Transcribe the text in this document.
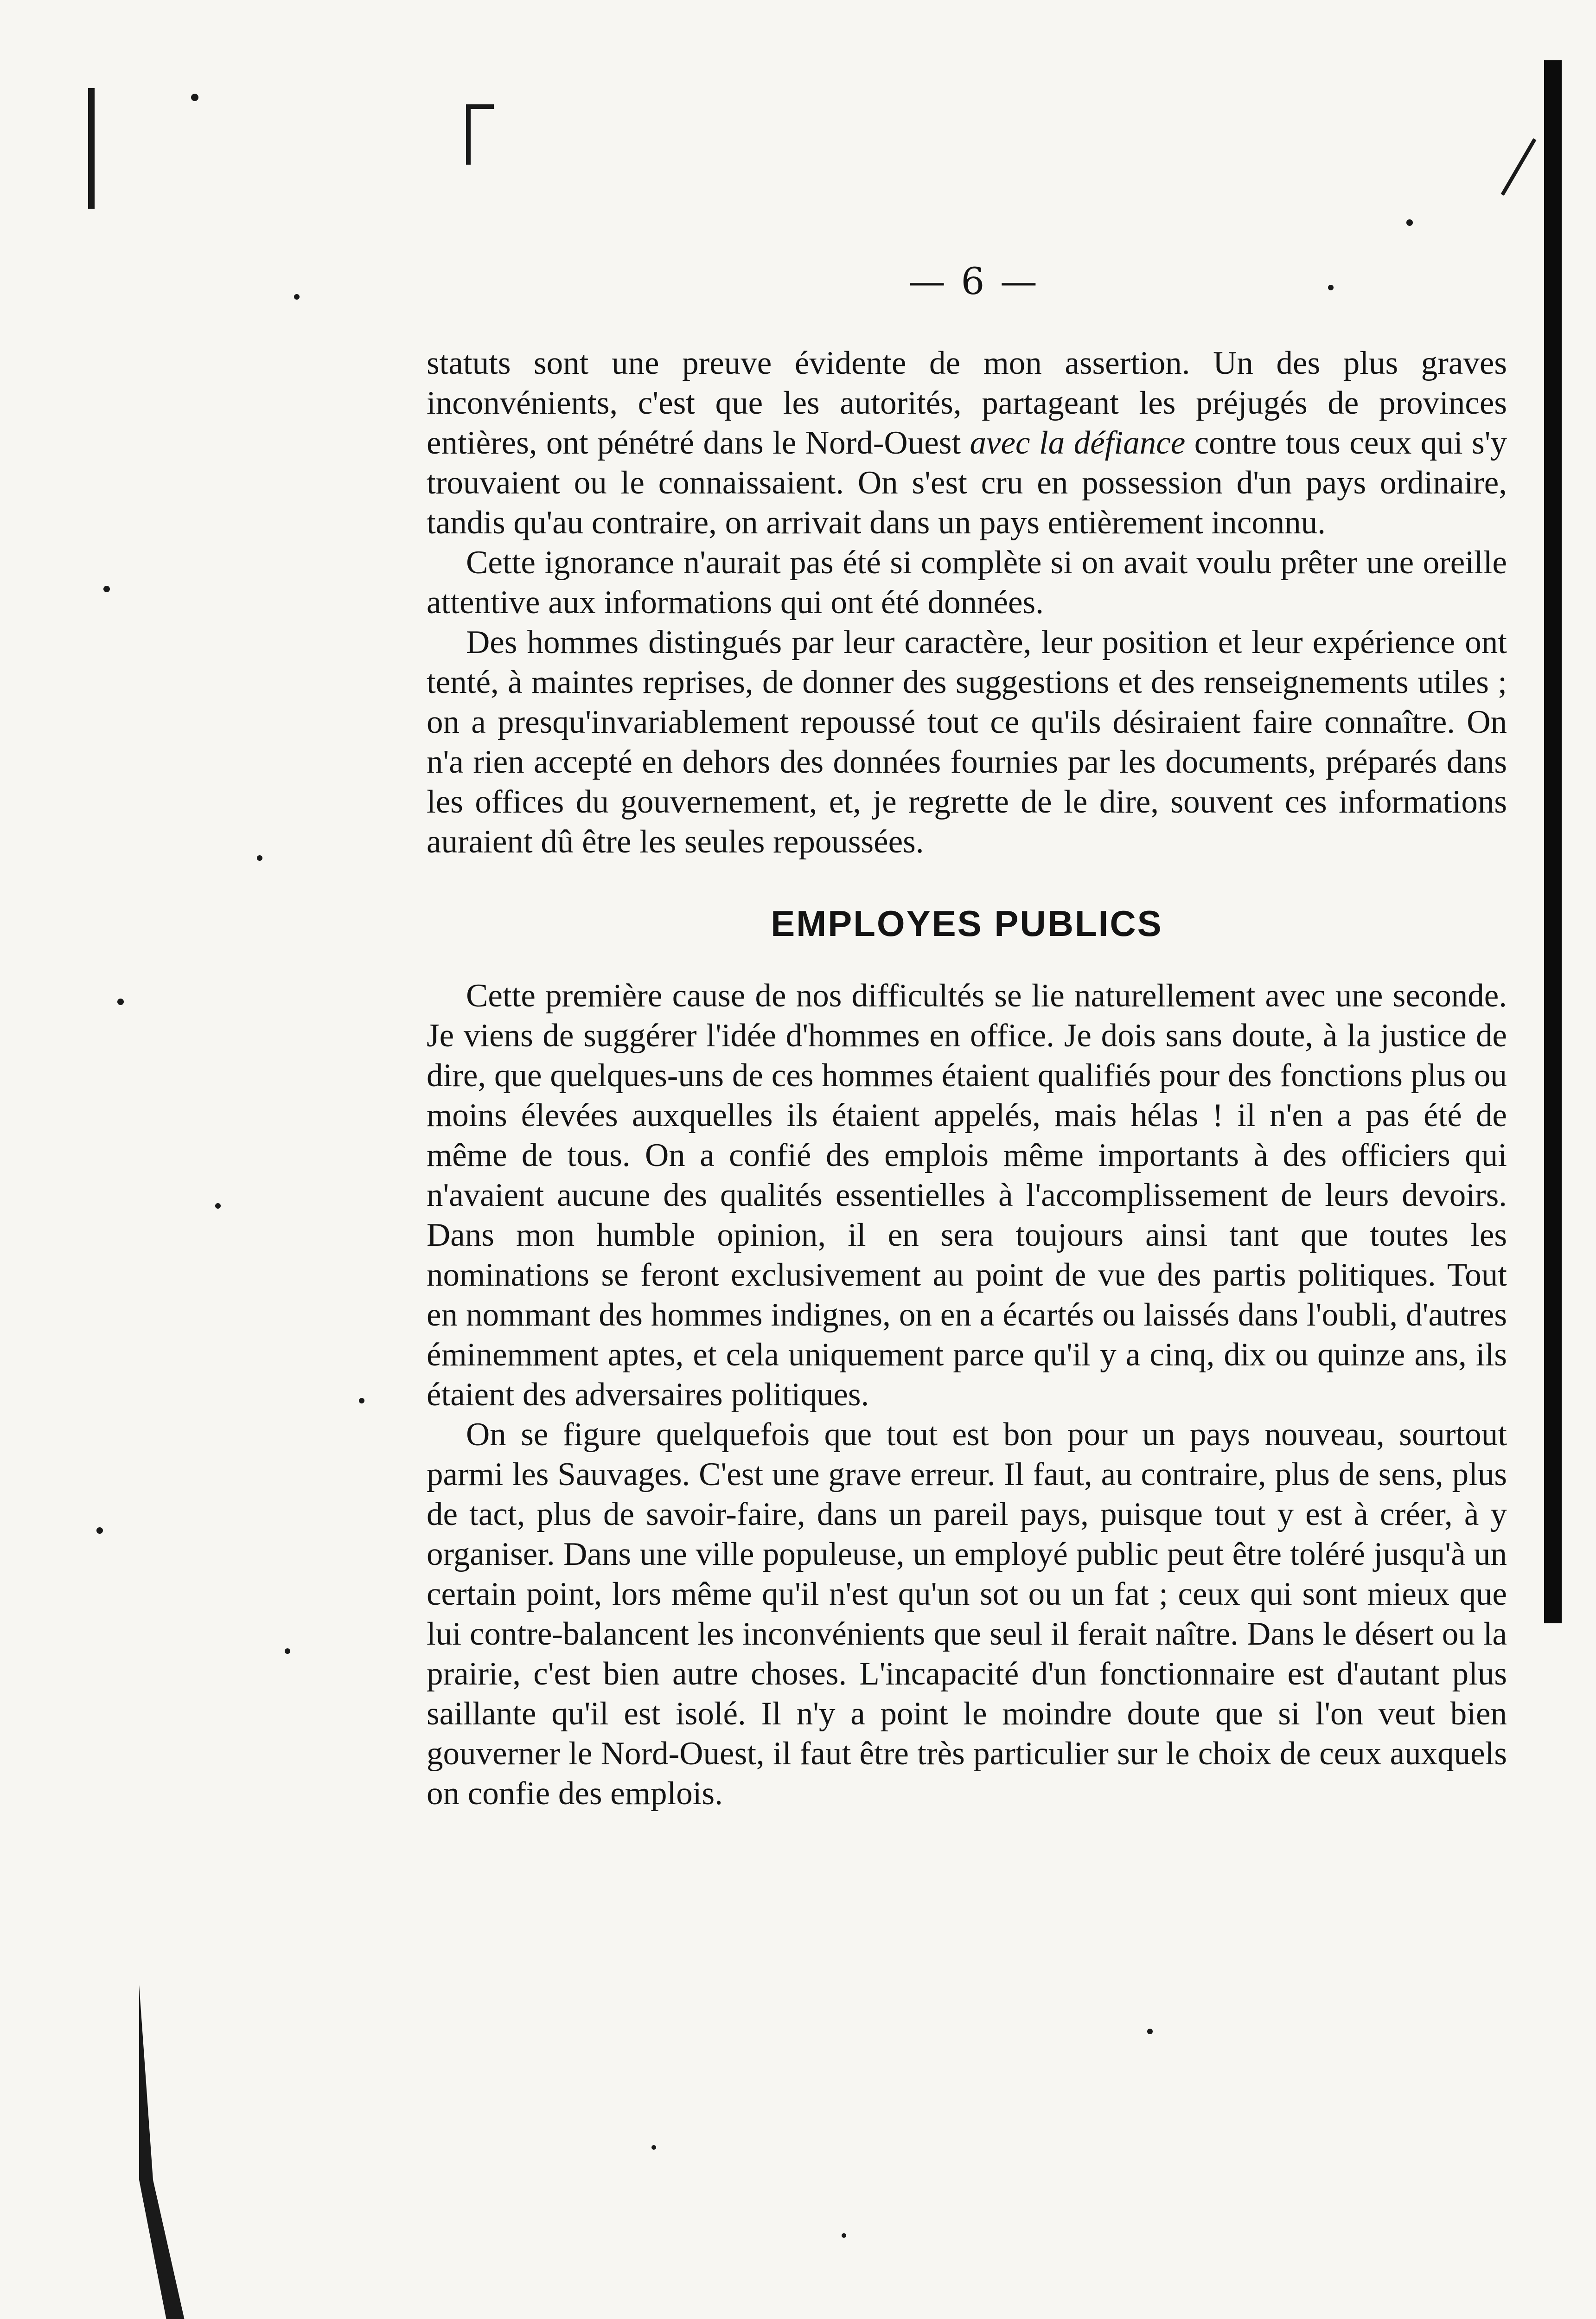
— 6 —

statuts sont une preuve évidente de mon assertion. Un des plus graves inconvénients, c'est que les autorités, partageant les préjugés de provinces entières, ont pénétré dans le Nord-Ouest avec la défiance contre tous ceux qui s'y trouvaient ou le connaissaient. On s'est cru en possession d'un pays ordinaire, tandis qu'au contraire, on arrivait dans un pays entièrement inconnu.

Cette ignorance n'aurait pas été si complète si on avait voulu prêter une oreille attentive aux informations qui ont été données.

Des hommes distingués par leur caractère, leur position et leur expérience ont tenté, à maintes reprises, de donner des suggestions et des renseignements utiles ; on a presqu'invariablement repoussé tout ce qu'ils désiraient faire connaître. On n'a rien accepté en dehors des données fournies par les documents, préparés dans les offices du gouvernement, et, je regrette de le dire, souvent ces informations auraient dû être les seules repoussées.

EMPLOYES PUBLICS

Cette première cause de nos difficultés se lie naturellement avec une seconde. Je viens de suggérer l'idée d'hommes en office. Je dois sans doute, à la justice de dire, que quelques-uns de ces hommes étaient qualifiés pour des fonctions plus ou moins élevées auxquelles ils étaient appelés, mais hélas ! il n'en a pas été de même de tous. On a confié des emplois même importants à des officiers qui n'avaient aucune des qualités essentielles à l'accomplissement de leurs devoirs. Dans mon humble opinion, il en sera toujours ainsi tant que toutes les nominations se feront exclusivement au point de vue des partis politiques. Tout en nommant des hommes indignes, on en a écartés ou laissés dans l'oubli, d'autres éminemment aptes, et cela uniquement parce qu'il y a cinq, dix ou quinze ans, ils étaient des adversaires politiques.

On se figure quelquefois que tout est bon pour un pays nouveau, sourtout parmi les Sauvages. C'est une grave erreur. Il faut, au contraire, plus de sens, plus de tact, plus de savoir-faire, dans un pareil pays, puisque tout y est à créer, à y organiser. Dans une ville populeuse, un employé public peut être toléré jusqu'à un certain point, lors même qu'il n'est qu'un sot ou un fat ; ceux qui sont mieux que lui contre-balancent les inconvénients que seul il ferait naître. Dans le désert ou la prairie, c'est bien autre choses. L'incapacité d'un fonctionnaire est d'autant plus saillante qu'il est isolé. Il n'y a point le moindre doute que si l'on veut bien gouverner le Nord-Ouest, il faut être très particulier sur le choix de ceux auxquels on confie des emplois.
